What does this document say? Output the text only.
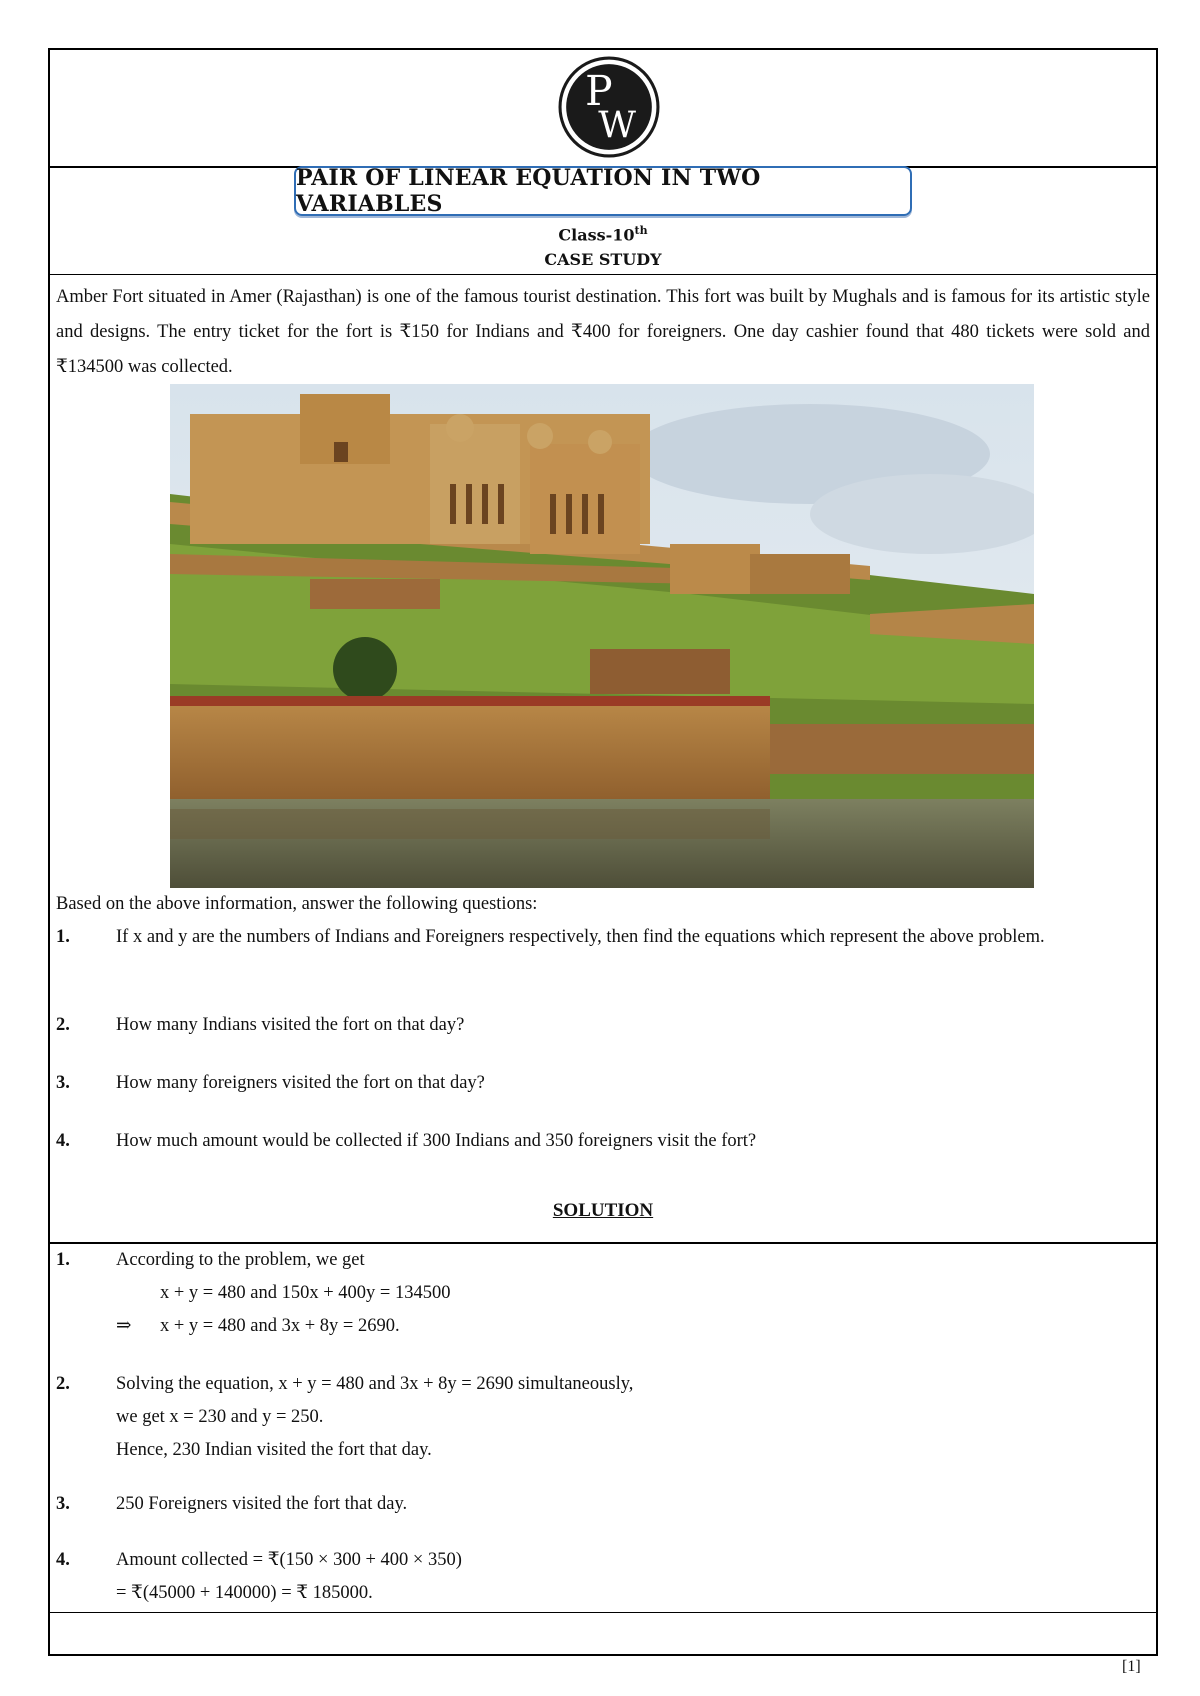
P
W
PAIR OF LINEAR EQUATION IN TWO VARIABLES
Class-10th
CASE STUDY
Amber Fort situated in Amer (Rajasthan) is one of the famous tourist destination. This fort was built by Mughals and is famous for its artistic style and designs. The entry ticket for the fort is ₹150 for Indians and ₹400 for foreigners. One day cashier found that 480 tickets were sold and ₹134500 was collected.
Based on the above information, answer the following questions:
1. If x and y are the numbers of Indians and Foreigners respectively, then find the equations which represent the above problem.
2. How many Indians visited the fort on that day?
3. How many foreigners visited the fort on that day?
4. How much amount would be collected if 300 Indians and 350 foreigners visit the fort?
SOLUTION
1. According to the problem, we get
x + y = 480 and 150x + 400y = 134500
⇒ x + y = 480 and 3x + 8y = 2690.
2. Solving the equation, x + y = 480 and 3x + 8y = 2690 simultaneously,
we get x = 230 and y = 250.
Hence, 230 Indian visited the fort that day.
3. 250 Foreigners visited the fort that day.
4. Amount collected = ₹(150 × 300 + 400 × 350)
= ₹(45000 + 140000) = ₹ 185000.
[1]
